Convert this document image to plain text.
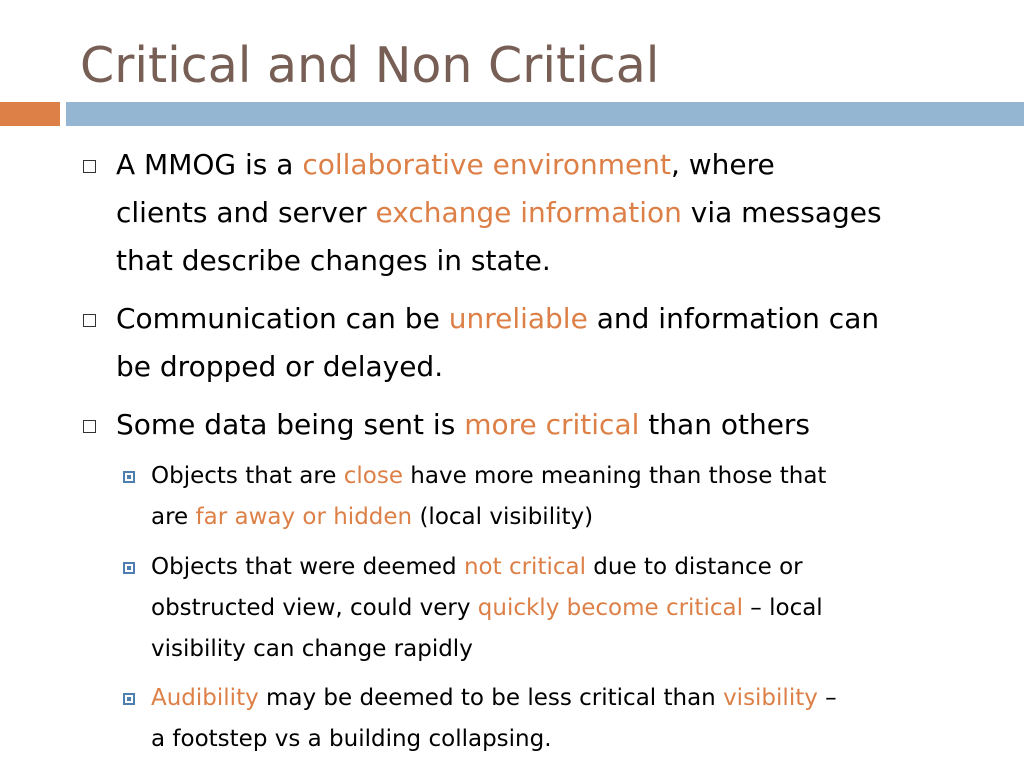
Critical and Non Critical
A MMOG is a collaborative environment, where
clients and server exchange information via messages
that describe changes in state.
Communication can be unreliable and information can
be dropped or delayed.
Some data being sent is more critical than others
Objects that are close have more meaning than those that
are far away or hidden (local visibility)
Objects that were deemed not critical due to distance or
obstructed view, could very quickly become critical – local
visibility can change rapidly
Audibility may be deemed to be less critical than visibility –
a footstep vs a building collapsing.
